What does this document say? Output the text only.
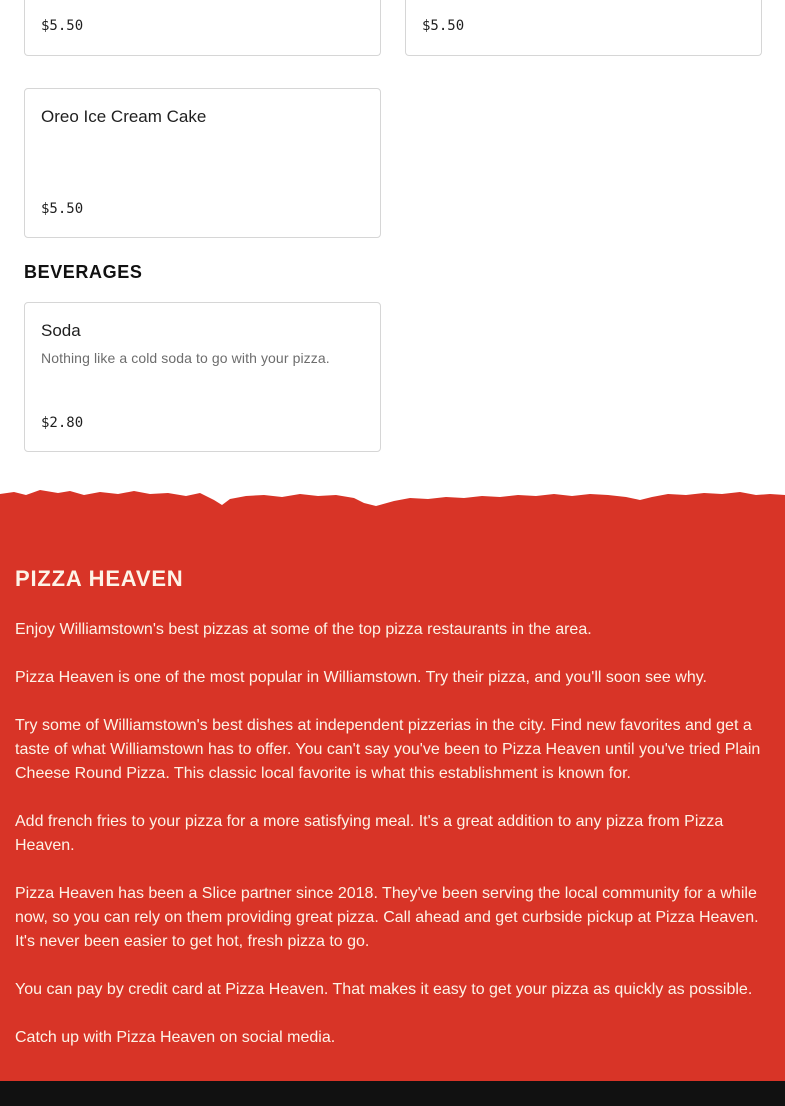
$5.50	$5.50
Oreo Ice Cream Cake
$5.50
BEVERAGES
Soda
Nothing like a cold soda to go with your pizza.
$2.80
PIZZA HEAVEN

Enjoy Williamstown's best pizzas at some of the top pizza restaurants in the area.

Pizza Heaven is one of the most popular in Williamstown. Try their pizza, and you'll soon see why.

Try some of Williamstown's best dishes at independent pizzerias in the city. Find new favorites and get a taste of what Williamstown has to offer. You can't say you've been to Pizza Heaven until you've tried Plain Cheese Round Pizza. This classic local favorite is what this establishment is known for.

Add french fries to your pizza for a more satisfying meal. It's a great addition to any pizza from Pizza Heaven.

Pizza Heaven has been a Slice partner since 2018. They've been serving the local community for a while now, so you can rely on them providing great pizza. Call ahead and get curbside pickup at Pizza Heaven. It's never been easier to get hot, fresh pizza to go.

You can pay by credit card at Pizza Heaven. That makes it easy to get your pizza as quickly as possible.

Catch up with Pizza Heaven on social media.
